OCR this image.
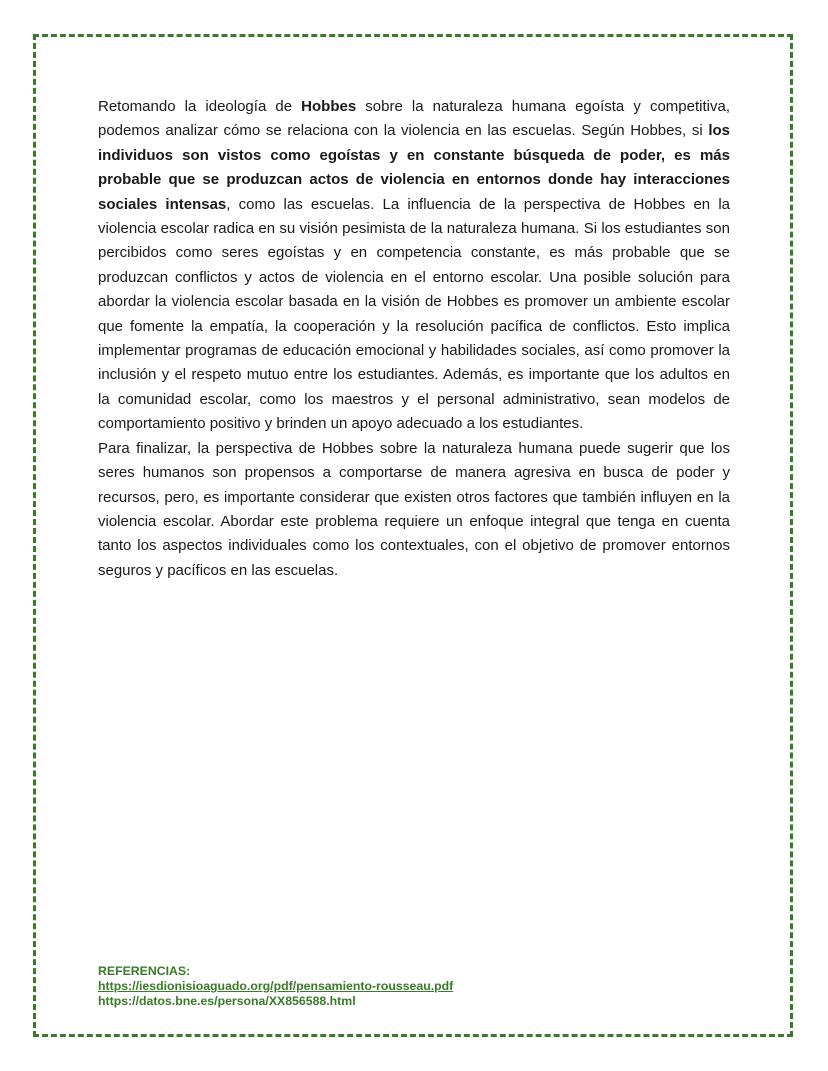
Retomando la ideología de Hobbes sobre la naturaleza humana egoísta y competitiva, podemos analizar cómo se relaciona con la violencia en las escuelas. Según Hobbes, si los individuos son vistos como egoístas y en constante búsqueda de poder, es más probable que se produzcan actos de violencia en entornos donde hay interacciones sociales intensas, como las escuelas. La influencia de la perspectiva de Hobbes en la violencia escolar radica en su visión pesimista de la naturaleza humana. Si los estudiantes son percibidos como seres egoístas y en competencia constante, es más probable que se produzcan conflictos y actos de violencia en el entorno escolar. Una posible solución para abordar la violencia escolar basada en la visión de Hobbes es promover un ambiente escolar que fomente la empatía, la cooperación y la resolución pacífica de conflictos. Esto implica implementar programas de educación emocional y habilidades sociales, así como promover la inclusión y el respeto mutuo entre los estudiantes. Además, es importante que los adultos en la comunidad escolar, como los maestros y el personal administrativo, sean modelos de comportamiento positivo y brinden un apoyo adecuado a los estudiantes.

Para finalizar, la perspectiva de Hobbes sobre la naturaleza humana puede sugerir que los seres humanos son propensos a comportarse de manera agresiva en busca de poder y recursos, pero, es importante considerar que existen otros factores que también influyen en la violencia escolar. Abordar este problema requiere un enfoque integral que tenga en cuenta tanto los aspectos individuales como los contextuales, con el objetivo de promover entornos seguros y pacíficos en las escuelas.

REFERENCIAS:
https://iesdionisioaguado.org/pdf/pensamiento-rousseau.pdf
https://datos.bne.es/persona/XX856588.html
